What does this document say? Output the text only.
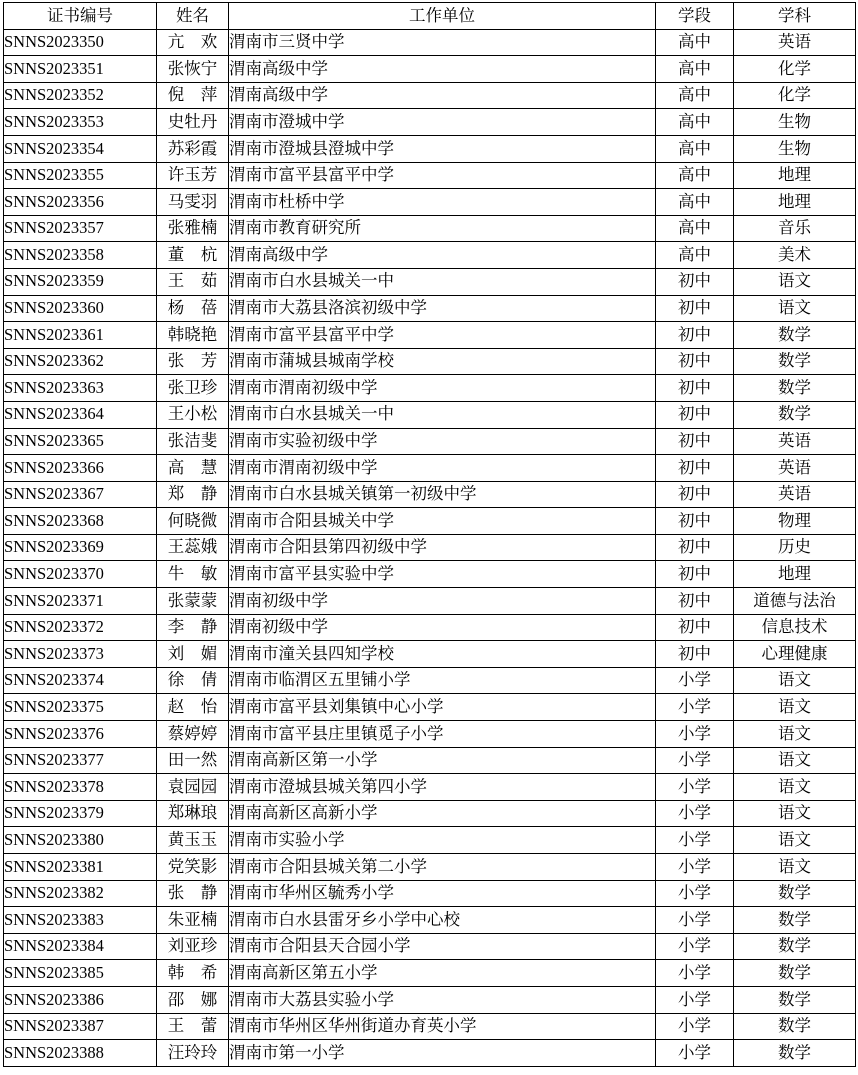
证书编号	姓名	工作单位	学段	学科
SNNS2023350	亢　欢	渭南市三贤中学	高中	英语
SNNS2023351	张恢宁	渭南高级中学	高中	化学
SNNS2023352	倪　萍	渭南高级中学	高中	化学
SNNS2023353	史牡丹	渭南市澄城中学	高中	生物
SNNS2023354	苏彩霞	渭南市澄城县澄城中学	高中	生物
SNNS2023355	许玉芳	渭南市富平县富平中学	高中	地理
SNNS2023356	马雯羽	渭南市杜桥中学	高中	地理
SNNS2023357	张雅楠	渭南市教育研究所	高中	音乐
SNNS2023358	董　杭	渭南高级中学	高中	美术
SNNS2023359	王　茹	渭南市白水县城关一中	初中	语文
SNNS2023360	杨　蓓	渭南市大荔县洛滨初级中学	初中	语文
SNNS2023361	韩晓艳	渭南市富平县富平中学	初中	数学
SNNS2023362	张　芳	渭南市蒲城县城南学校	初中	数学
SNNS2023363	张卫珍	渭南市渭南初级中学	初中	数学
SNNS2023364	王小松	渭南市白水县城关一中	初中	数学
SNNS2023365	张洁斐	渭南市实验初级中学	初中	英语
SNNS2023366	高　慧	渭南市渭南初级中学	初中	英语
SNNS2023367	郑　静	渭南市白水县城关镇第一初级中学	初中	英语
SNNS2023368	何晓微	渭南市合阳县城关中学	初中	物理
SNNS2023369	王蕊娥	渭南市合阳县第四初级中学	初中	历史
SNNS2023370	牛　敏	渭南市富平县实验中学	初中	地理
SNNS2023371	张蒙蒙	渭南初级中学	初中	道德与法治
SNNS2023372	李　静	渭南初级中学	初中	信息技术
SNNS2023373	刘　媚	渭南市潼关县四知学校	初中	心理健康
SNNS2023374	徐　倩	渭南市临渭区五里铺小学	小学	语文
SNNS2023375	赵　怡	渭南市富平县刘集镇中心小学	小学	语文
SNNS2023376	蔡婷婷	渭南市富平县庄里镇觅子小学	小学	语文
SNNS2023377	田一然	渭南高新区第一小学	小学	语文
SNNS2023378	袁园园	渭南市澄城县城关第四小学	小学	语文
SNNS2023379	郑琳琅	渭南高新区高新小学	小学	语文
SNNS2023380	黄玉玉	渭南市实验小学	小学	语文
SNNS2023381	党笑影	渭南市合阳县城关第二小学	小学	语文
SNNS2023382	张　静	渭南市华州区毓秀小学	小学	数学
SNNS2023383	朱亚楠	渭南市白水县雷牙乡小学中心校	小学	数学
SNNS2023384	刘亚珍	渭南市合阳县天合园小学	小学	数学
SNNS2023385	韩　希	渭南高新区第五小学	小学	数学
SNNS2023386	邵　娜	渭南市大荔县实验小学	小学	数学
SNNS2023387	王　蕾	渭南市华州区华州街道办育英小学	小学	数学
SNNS2023388	汪玲玲	渭南市第一小学	小学	数学
